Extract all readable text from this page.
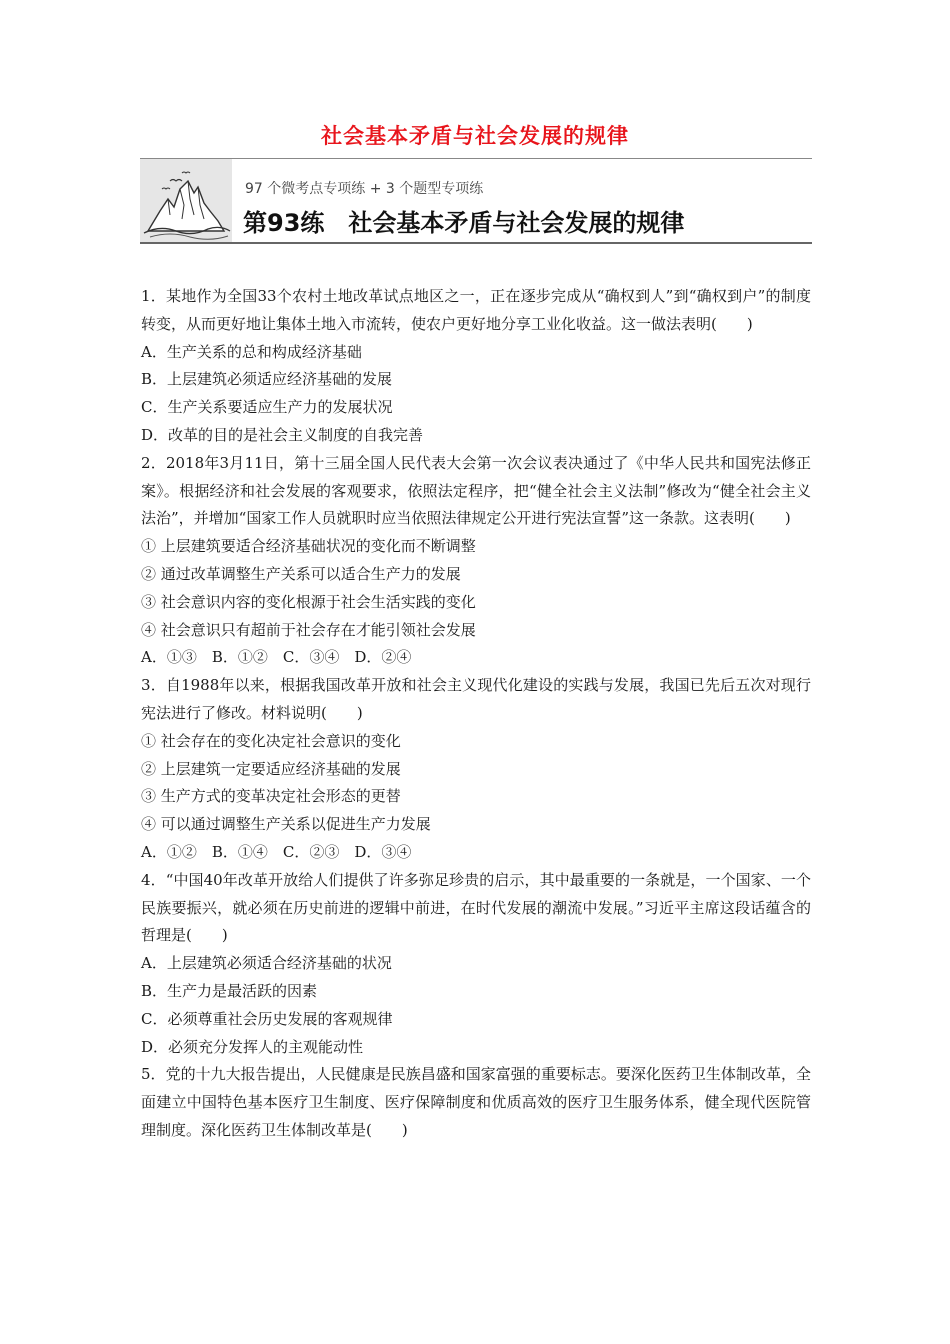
社会基本矛盾与社会发展的规律
97 个微考点专项练 + 3 个题型专项练
第93练　社会基本矛盾与社会发展的规律
1．某地作为全国33个农村土地改革试点地区之一，正在逐步完成从“确权到人”到“确权到户”的制度转变，从而更好地让集体土地入市流转，使农户更好地分享工业化收益。这一做法表明(　　)
A．生产关系的总和构成经济基础
B．上层建筑必须适应经济基础的发展
C．生产关系要适应生产力的发展状况
D．改革的目的是社会主义制度的自我完善
2．2018年3月11日，第十三届全国人民代表大会第一次会议表决通过了《中华人民共和国宪法修正案》。根据经济和社会发展的客观要求，依照法定程序，把“健全社会主义法制”修改为“健全社会主义法治”，并增加“国家工作人员就职时应当依照法律规定公开进行宪法宣誓”这一条款。这表明(　　)
① 上层建筑要适合经济基础状况的变化而不断调整
② 通过改革调整生产关系可以适合生产力的发展
③ 社会意识内容的变化根源于社会生活实践的变化
④ 社会意识只有超前于社会存在才能引领社会发展
A．①③　B．①②　C．③④　D．②④
3．自1988年以来，根据我国改革开放和社会主义现代化建设的实践与发展，我国已先后五次对现行宪法进行了修改。材料说明(　　)
① 社会存在的变化决定社会意识的变化
② 上层建筑一定要适应经济基础的发展
③ 生产方式的变革决定社会形态的更替
④ 可以通过调整生产关系以促进生产力发展
A．①②　B．①④　C．②③　D．③④
4．“中国40年改革开放给人们提供了许多弥足珍贵的启示，其中最重要的一条就是，一个国家、一个民族要振兴，就必须在历史前进的逻辑中前进，在时代发展的潮流中发展。”习近平主席这段话蕴含的哲理是(　　)
A．上层建筑必须适合经济基础的状况
B．生产力是最活跃的因素
C．必须尊重社会历史发展的客观规律
D．必须充分发挥人的主观能动性
5．党的十九大报告提出，人民健康是民族昌盛和国家富强的重要标志。要深化医药卫生体制改革，全面建立中国特色基本医疗卫生制度、医疗保障制度和优质高效的医疗卫生服务体系，健全现代医院管理制度。深化医药卫生体制改革是(　　)
